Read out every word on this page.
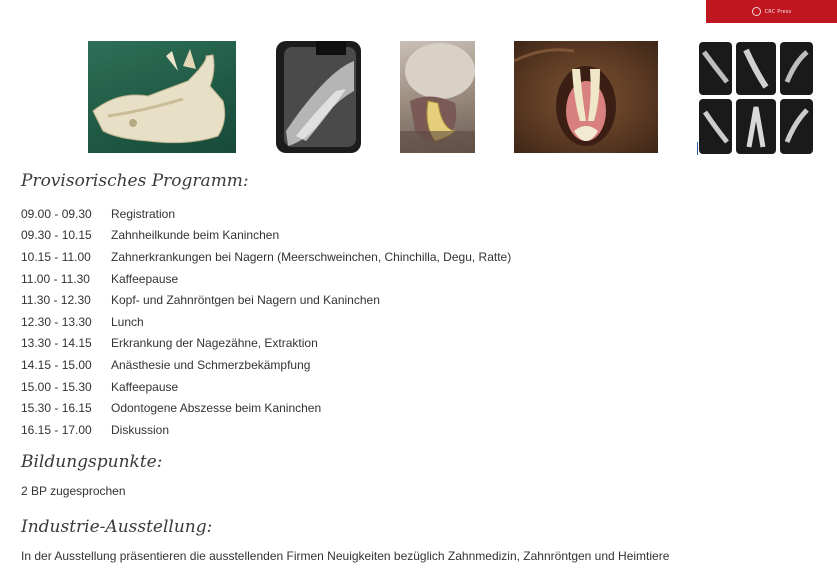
CRC Press
Provisorisches Programm:
09.00 - 09.30	Registration
09.30 - 10.15	Zahnheilkunde beim Kaninchen
10.15 - 11.00	Zahnerkrankungen bei Nagern (Meerschweinchen, Chinchilla, Degu, Ratte)
11.00 - 11.30	Kaffeepause
11.30 - 12.30	Kopf- und Zahnröntgen bei Nagern und Kaninchen
12.30 - 13.30	Lunch
13.30 - 14.15	Erkrankung der Nagezähne, Extraktion
14.15 - 15.00	Anästhesie und Schmerzbekämpfung
15.00 - 15.30	Kaffeepause
15.30 - 16.15	Odontogene Abszesse beim Kaninchen
16.15 - 17.00	Diskussion
Bildungspunkte:
2 BP zugesprochen
Industrie-Ausstellung:
In der Ausstellung präsentieren die ausstellenden Firmen Neuigkeiten bezüglich Zahnmedizin, Zahnröntgen und Heimtiere
